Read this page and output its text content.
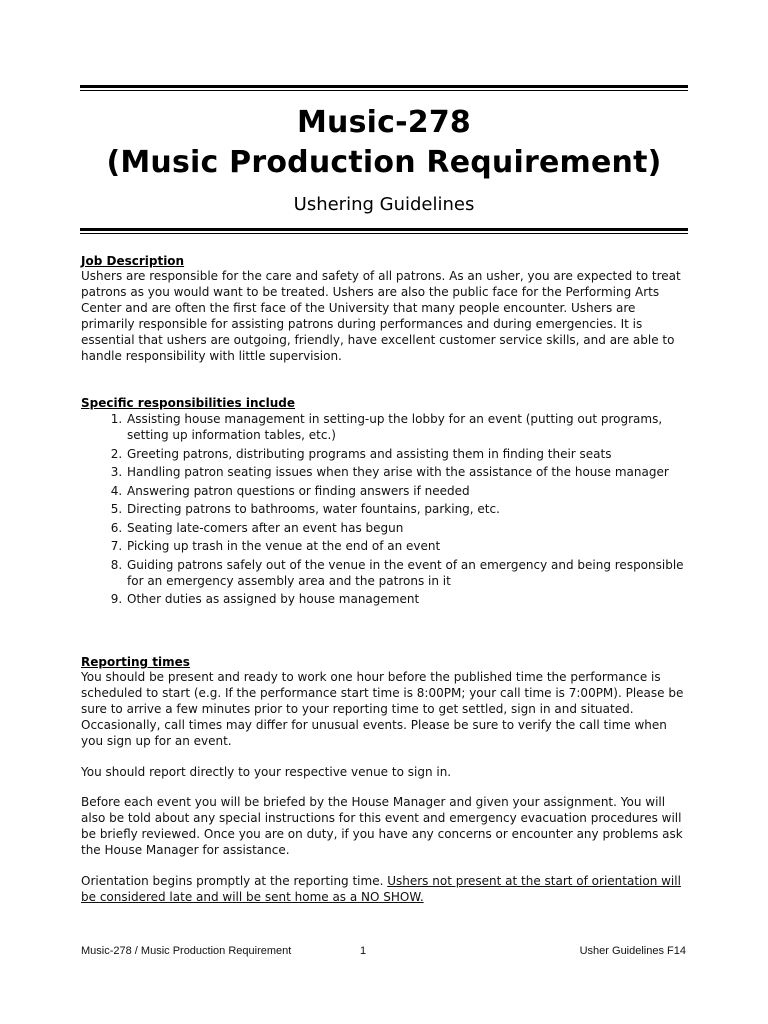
Music-278
(Music Production Requirement)
Ushering Guidelines
Job Description

Ushers are responsible for the care and safety of all patrons. As an usher, you are expected to treat patrons as you would want to be treated. Ushers are also the public face for the Performing Arts Center and are often the first face of the University that many people encounter. Ushers are primarily responsible for assisting patrons during performances and during emergencies. It is essential that ushers are outgoing, friendly, have excellent customer service skills, and are able to handle responsibility with little supervision.

Specific responsibilities include
1. Assisting house management in setting-up the lobby for an event (putting out programs, setting up information tables, etc.)
2. Greeting patrons, distributing programs and assisting them in finding their seats
3. Handling patron seating issues when they arise with the assistance of the house manager
4. Answering patron questions or finding answers if needed
5. Directing patrons to bathrooms, water fountains, parking, etc.
6. Seating late-comers after an event has begun
7. Picking up trash in the venue at the end of an event
8. Guiding patrons safely out of the venue in the event of an emergency and being responsible for an emergency assembly area and the patrons in it
9. Other duties as assigned by house management
Reporting times

You should be present and ready to work one hour before the published time the performance is scheduled to start (e.g. If the performance start time is 8:00PM; your call time is 7:00PM). Please be sure to arrive a few minutes prior to your reporting time to get settled, sign in and situated. Occasionally, call times may differ for unusual events. Please be sure to verify the call time when you sign up for an event.

You should report directly to your respective venue to sign in.

Before each event you will be briefed by the House Manager and given your assignment. You will also be told about any special instructions for this event and emergency evacuation procedures will be briefly reviewed. Once you are on duty, if you have any concerns or encounter any problems ask the House Manager for assistance.

Orientation begins promptly at the reporting time. Ushers not present at the start of orientation will be considered late and will be sent home as a NO SHOW.

Music-278 / Music Production Requirement	1	Usher Guidelines F14
